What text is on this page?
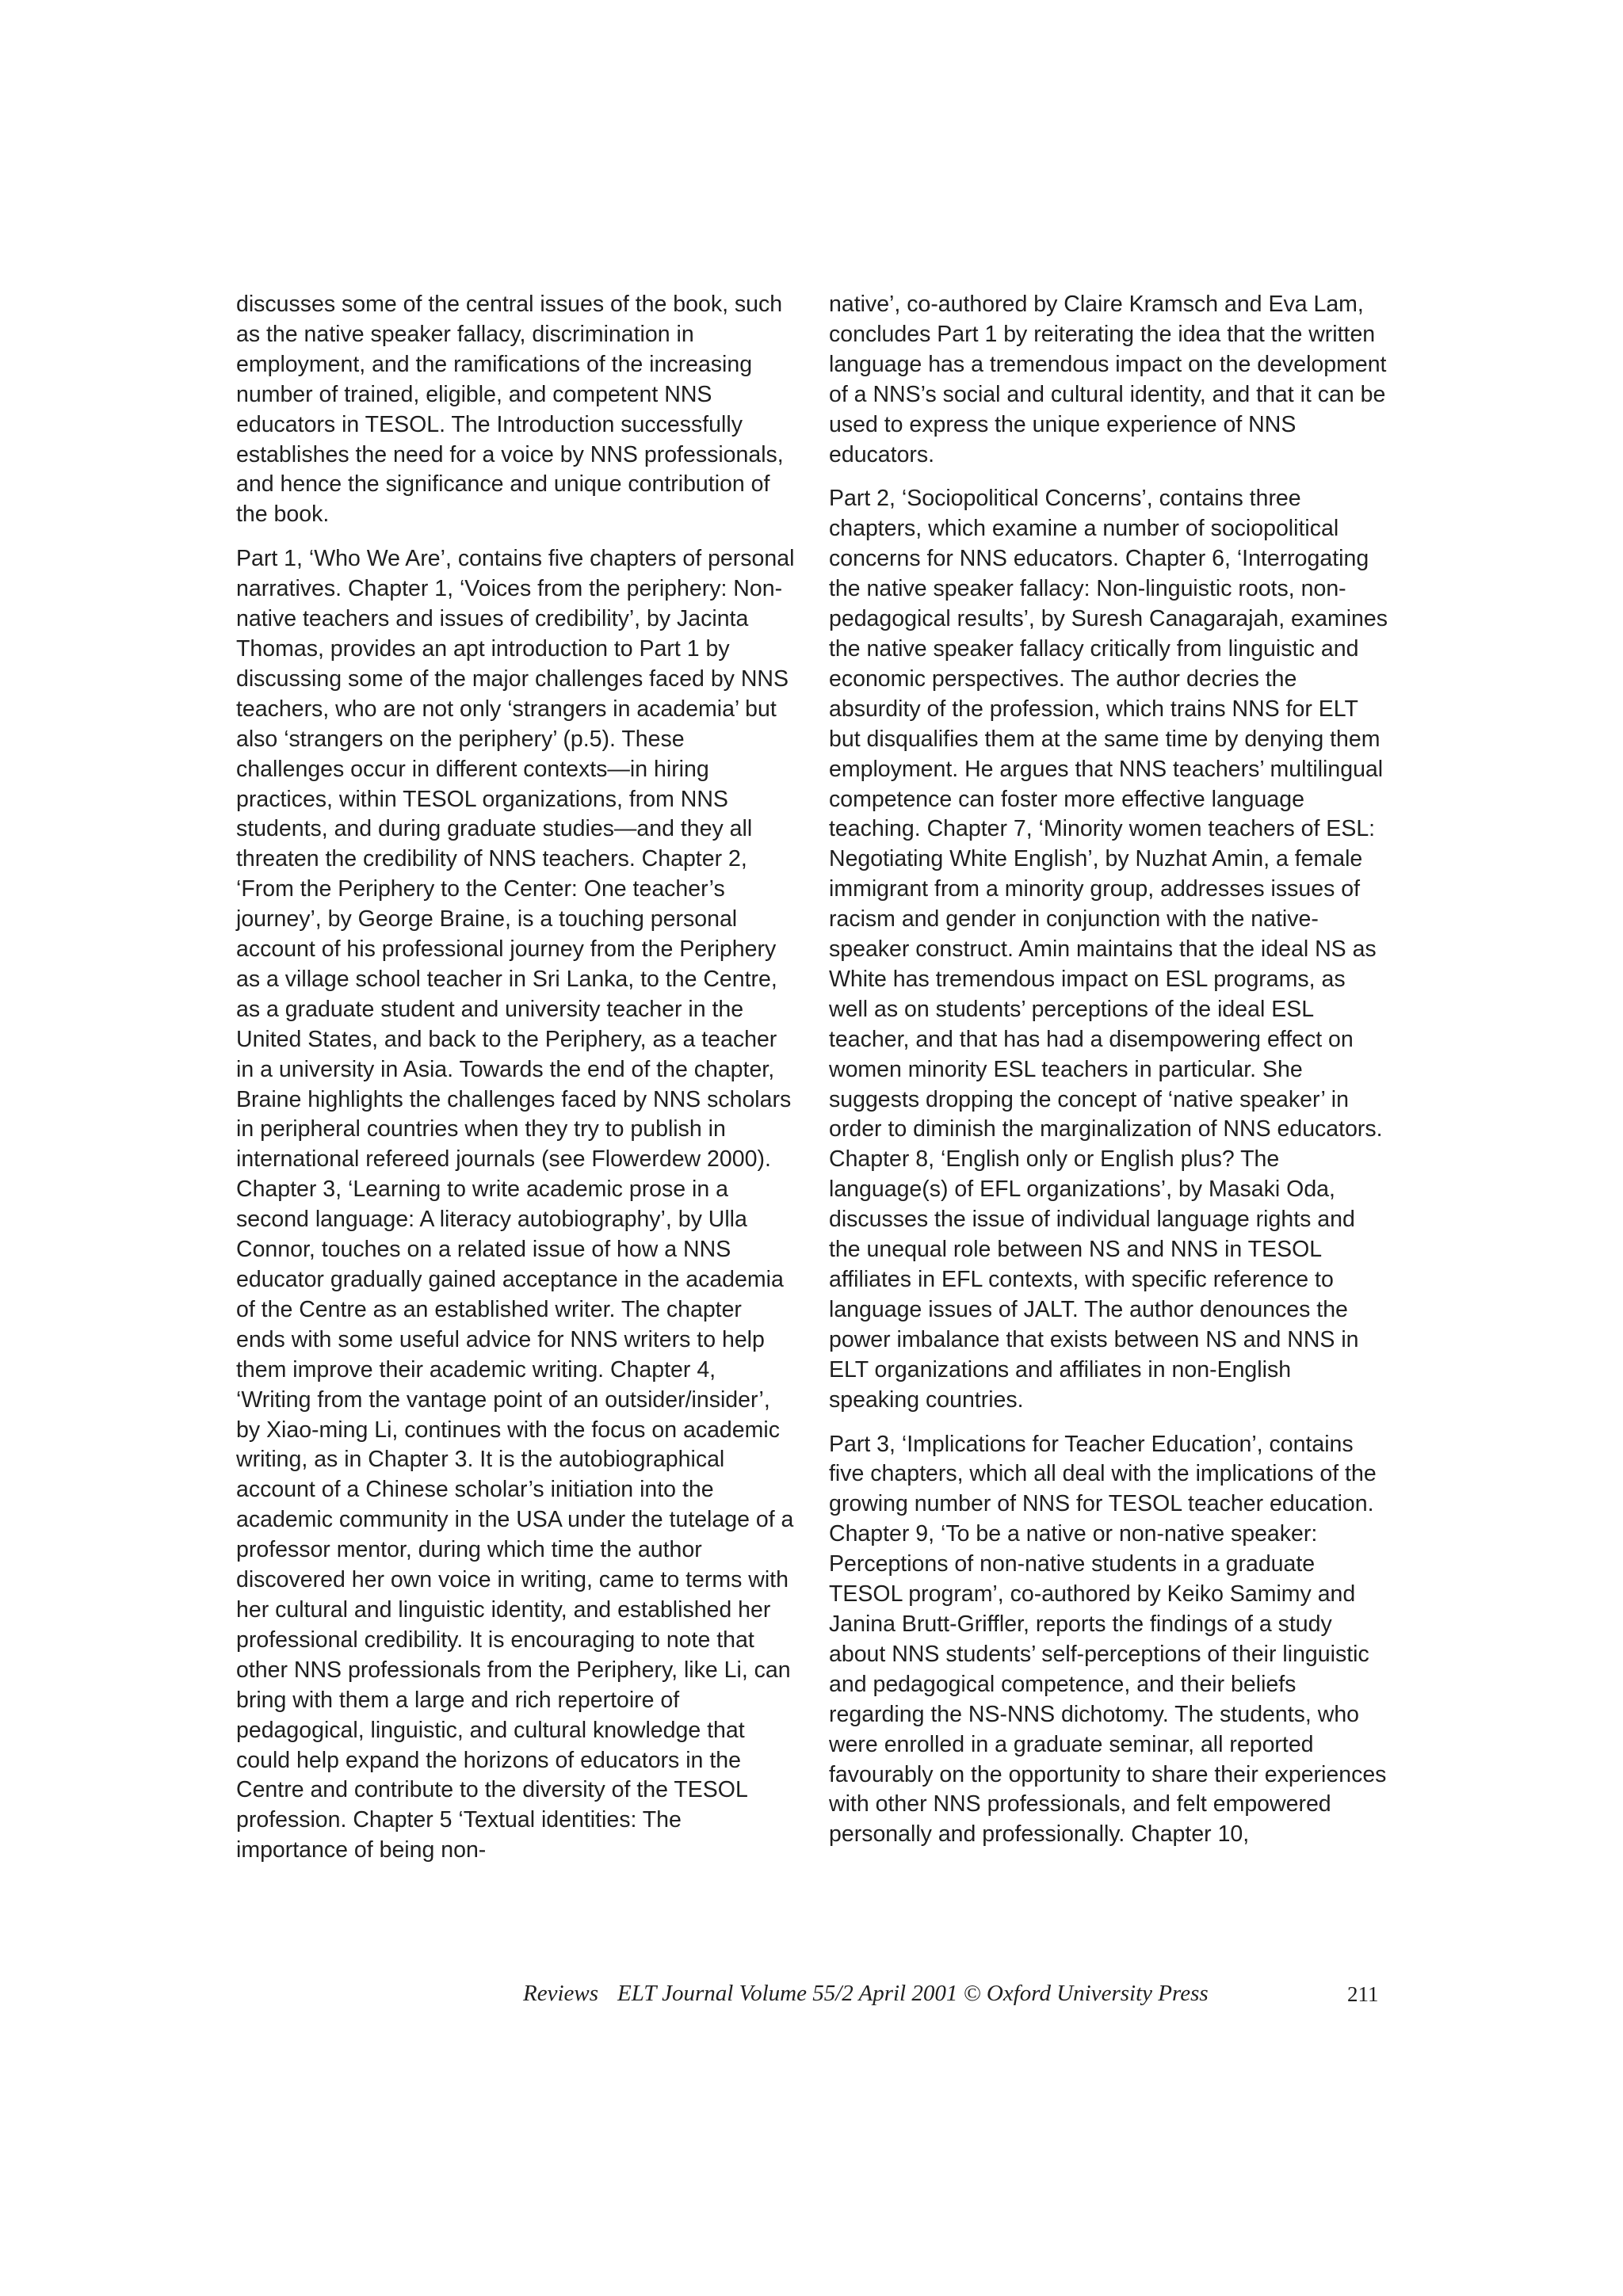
discusses some of the central issues of the book, such as the native speaker fallacy, discrimination in employment, and the ramifications of the increasing number of trained, eligible, and competent NNS educators in TESOL. The Introduction successfully establishes the need for a voice by NNS professionals, and hence the significance and unique contribution of the book.

Part 1, ‘Who We Are’, contains five chapters of personal narratives. Chapter 1, ‘Voices from the periphery: Non-native teachers and issues of credibility’, by Jacinta Thomas, provides an apt introduction to Part 1 by discussing some of the major challenges faced by NNS teachers, who are not only ‘strangers in academia’ but also ‘strangers on the periphery’ (p.5). These challenges occur in different contexts—in hiring practices, within TESOL organizations, from NNS students, and during graduate studies—and they all threaten the credibility of NNS teachers. Chapter 2, ‘From the Periphery to the Center: One teacher’s journey’, by George Braine, is a touching personal account of his professional journey from the Periphery as a village school teacher in Sri Lanka, to the Centre, as a graduate student and university teacher in the United States, and back to the Periphery, as a teacher in a university in Asia. Towards the end of the chapter, Braine highlights the challenges faced by NNS scholars in peripheral countries when they try to publish in international refereed journals (see Flowerdew 2000). Chapter 3, ‘Learning to write academic prose in a second language: A literacy autobiography’, by Ulla Connor, touches on a related issue of how a NNS educator gradually gained acceptance in the academia of the Centre as an established writer. The chapter ends with some useful advice for NNS writers to help them improve their academic writing. Chapter 4, ‘Writing from the vantage point of an outsider/insider’, by Xiao-ming Li, continues with the focus on academic writing, as in Chapter 3. It is the autobiographical account of a Chinese scholar’s initiation into the academic community in the USA under the tutelage of a professor mentor, during which time the author discovered her own voice in writing, came to terms with her cultural and linguistic identity, and established her professional credibility. It is encouraging to note that other NNS professionals from the Periphery, like Li, can bring with them a large and rich repertoire of pedagogical, linguistic, and cultural knowledge that could help expand the horizons of educators in the Centre and contribute to the diversity of the TESOL profession. Chapter 5 ‘Textual identities: The importance of being non-

native’, co-authored by Claire Kramsch and Eva Lam, concludes Part 1 by reiterating the idea that the written language has a tremendous impact on the development of a NNS’s social and cultural identity, and that it can be used to express the unique experience of NNS educators.

Part 2, ‘Sociopolitical Concerns’, contains three chapters, which examine a number of sociopolitical concerns for NNS educators. Chapter 6, ‘Interrogating the native speaker fallacy: Non-linguistic roots, non-pedagogical results’, by Suresh Canagarajah, examines the native speaker fallacy critically from linguistic and economic perspectives. The author decries the absurdity of the profession, which trains NNS for ELT but disqualifies them at the same time by denying them employment. He argues that NNS teachers’ multilingual competence can foster more effective language teaching. Chapter 7, ‘Minority women teachers of ESL: Negotiating White English’, by Nuzhat Amin, a female immigrant from a minority group, addresses issues of racism and gender in conjunction with the native-speaker construct. Amin maintains that the ideal NS as White has tremendous impact on ESL programs, as well as on students’ perceptions of the ideal ESL teacher, and that has had a disempowering effect on women minority ESL teachers in particular. She suggests dropping the concept of ‘native speaker’ in order to diminish the marginalization of NNS educators. Chapter 8, ‘English only or English plus? The language(s) of EFL organizations’, by Masaki Oda, discusses the issue of individual language rights and the unequal role between NS and NNS in TESOL affiliates in EFL contexts, with specific reference to language issues of JALT. The author denounces the power imbalance that exists between NS and NNS in ELT organizations and affiliates in non-English speaking countries.

Part 3, ‘Implications for Teacher Education’, contains five chapters, which all deal with the implications of the growing number of NNS for TESOL teacher education. Chapter 9, ‘To be a native or non-native speaker: Perceptions of non-native students in a graduate TESOL program’, co-authored by Keiko Samimy and Janina Brutt-Griffler, reports the findings of a study about NNS students’ self-perceptions of their linguistic and pedagogical competence, and their beliefs regarding the NS-NNS dichotomy. The students, who were enrolled in a graduate seminar, all reported favourably on the opportunity to share their experiences with other NNS professionals, and felt empowered personally and professionally. Chapter 10,

Reviews ELT Journal Volume 55/2 April 2001 © Oxford University Press	211
